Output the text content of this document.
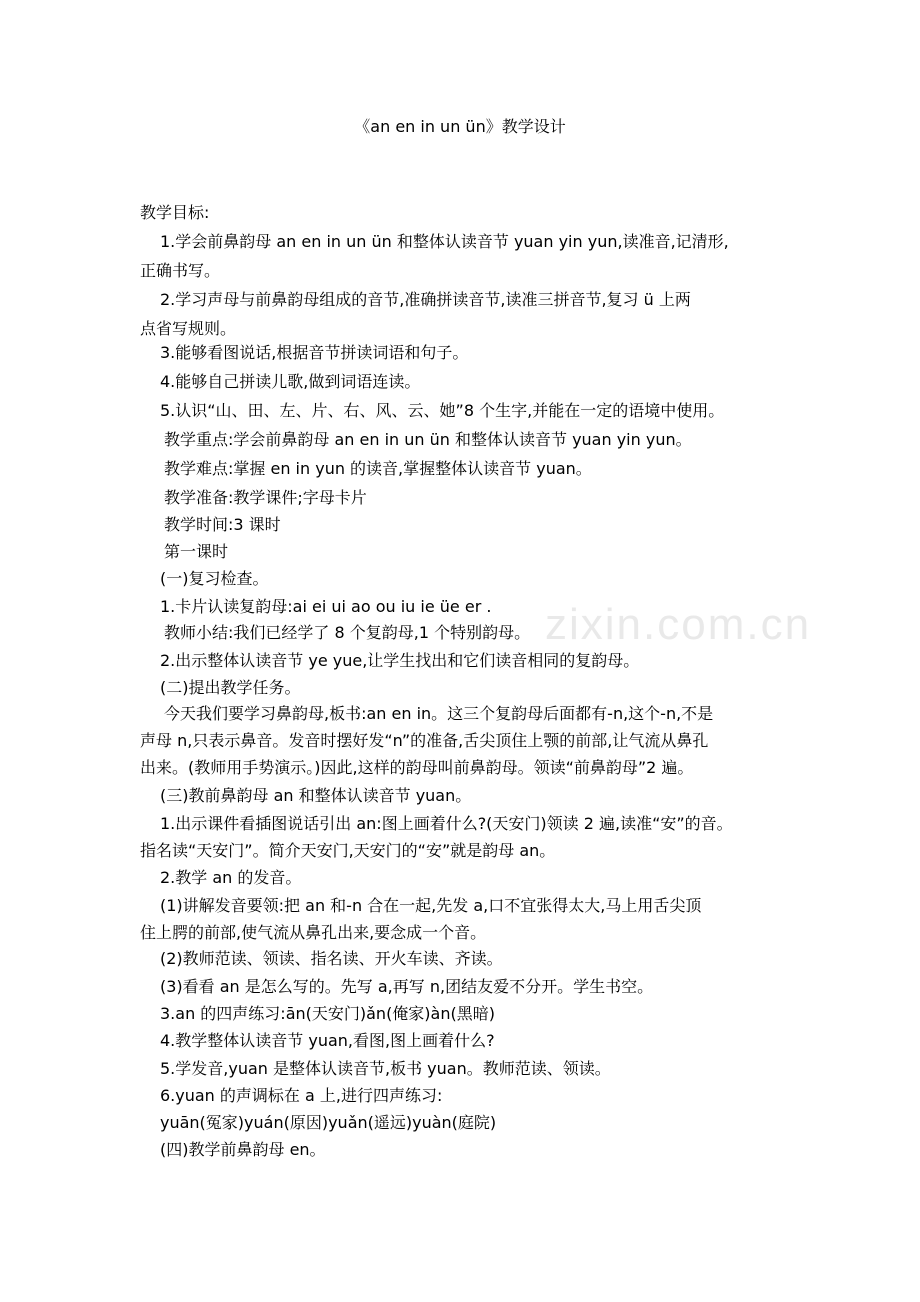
zixin.com.cn
《an en in un ün》教学设计
教学目标:
1.学会前鼻韵母 an en in un ün 和整体认读音节 yuan yin yun,读准音,记清形,
正确书写。
2.学习声母与前鼻韵母组成的音节,准确拼读音节,读准三拼音节,复习 ü 上两
点省写规则。
3.能够看图说话,根据音节拼读词语和句子。
4.能够自己拼读儿歌,做到词语连读。
5.认识“山、田、左、片、右、风、云、她”8 个生字,并能在一定的语境中使用。
教学重点:学会前鼻韵母 an en in un ün 和整体认读音节 yuan yin yun。
教学难点:掌握 en in yun 的读音,掌握整体认读音节 yuan。
教学准备:教学课件;字母卡片
教学时间:3 课时
第一课时
(一)复习检查。
1.卡片认读复韵母:ai ei ui ao ou iu ie üe er .
教师小结:我们已经学了 8 个复韵母,1 个特别韵母。
2.出示整体认读音节 ye yue,让学生找出和它们读音相同的复韵母。
(二)提出教学任务。
今天我们要学习鼻韵母,板书:an en in。这三个复韵母后面都有-n,这个-n,不是
声母 n,只表示鼻音。发音时摆好发“n”的准备,舌尖顶住上颚的前部,让气流从鼻孔
出来。(教师用手势演示。)因此,这样的韵母叫前鼻韵母。领读“前鼻韵母”2 遍。
(三)教前鼻韵母 an 和整体认读音节 yuan。
1.出示课件看插图说话引出 an:图上画着什么?(天安门)领读 2 遍,读准“安”的音。
指名读“天安门”。简介天安门,天安门的“安”就是韵母 an。
2.教学 an 的发音。
(1)讲解发音要领:把 an 和-n 合在一起,先发 a,口不宜张得太大,马上用舌尖顶
住上腭的前部,使气流从鼻孔出来,要念成一个音。
(2)教师范读、领读、指名读、开火车读、齐读。
(3)看看 an 是怎么写的。先写 a,再写 n,团结友爱不分开。学生书空。
3.an 的四声练习:ān(天安门)ǎn(俺家)àn(黑暗)
4.教学整体认读音节 yuan,看图,图上画着什么?
5.学发音,yuan 是整体认读音节,板书 yuan。教师范读、领读。
6.yuan 的声调标在 a 上,进行四声练习:
yuān(冤家)yuán(原因)yuǎn(遥远)yuàn(庭院)
(四)教学前鼻韵母 en。
